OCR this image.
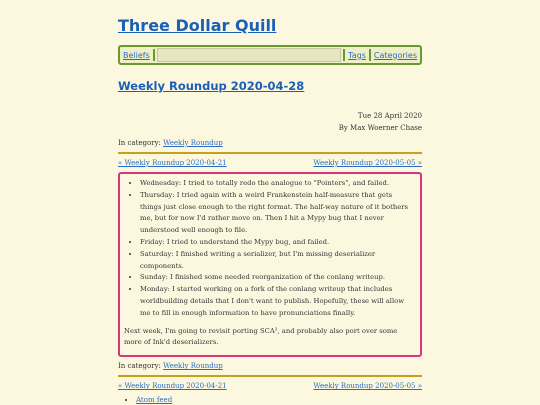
Three Dollar Quill
Beliefs	Tags Categories
Weekly Roundup 2020-04-28
Tue 28 April 2020
By Max Woerner Chase
In category: Weekly Roundup
« Weekly Roundup 2020-04-21	Weekly Roundup 2020-05-05 »
• Wednesday: I tried to totally redo the analogue to "Pointers", and failed.
• Thursday: I tried again with a weird Frankenstein half-measure that gets things just close enough to the right format. The half-way nature of it bothers me, but for now I'd rather move on. Then I hit a Mypy bug that I never understood well enough to file.
• Friday: I tried to understand the Mypy bug, and failed.
• Saturday: I finished writing a serializer, but I'm missing deserializer components.
• Sunday: I finished some needed reorganization of the conlang writeup.
• Monday: I started working on a fork of the conlang writeup that includes worldbuilding details that I don't want to publish. Hopefully, these will allow me to fill in enough information to have pronunciations finally.

Next week, I'm going to revisit porting SCA², and probably also port over some more of Ink'd deserializers.

In category: Weekly Roundup
« Weekly Roundup 2020-04-21	Weekly Roundup 2020-05-05 »
• Atom feed
